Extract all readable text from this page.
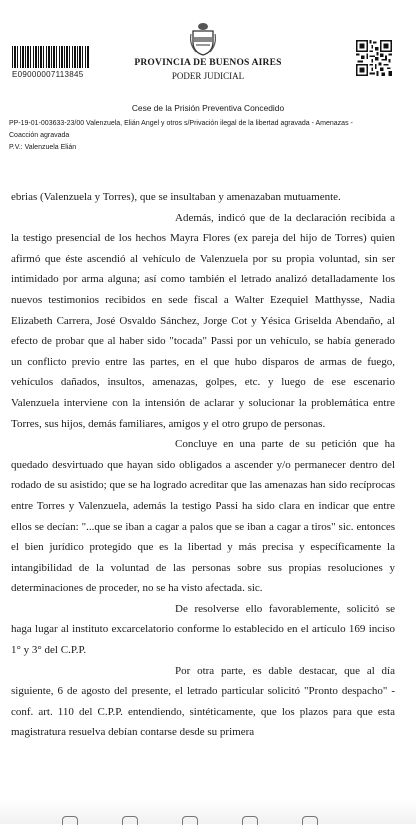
E09000007113845
PROVINCIA DE BUENOS AIRES
PODER JUDICIAL
Cese de la Prisión Preventiva Concedido
PP-19-01-003633-23/00 Valenzuela, Elián Angel y otros s/Privación ilegal de la libertad agravada - Amenazas -
Coacción agravada
P.V.: Valenzuela Elián

ebrias (Valenzuela y Torres), que se insultaban y amenazaban mutuamente.

Además, indicó que de la declaración recibida a la testigo presencial de los hechos Mayra Flores (ex pareja del hijo de Torres) quien afirmó que éste ascendió al vehículo de Valenzuela por su propia voluntad, sin ser intimidado por arma alguna; así como también el letrado analizó detalladamente los nuevos testimonios recibidos en sede fiscal a Walter Ezequiel Matthysse, Nadia Elizabeth Carrera, José Osvaldo Sánchez, Jorge Cot y Yésica Griselda Abendaño, al efecto de probar que al haber sido "tocada" Passi por un vehículo, se había generado un conflicto previo entre las partes, en el que hubo disparos de armas de fuego, vehículos dañados, insultos, amenazas, golpes, etc. y luego de ese escenario Valenzuela interviene con la intensión de aclarar y solucionar la problemática entre Torres, sus hijos, demás familiares, amigos y el otro grupo de personas.

Concluye en una parte de su petición que ha quedado desvirtuado que hayan sido obligados a ascender y/o permanecer dentro del rodado de su asistido; que se ha logrado acreditar que las amenazas han sido recíprocas entre Torres y Valenzuela, además la testigo Passi ha sido clara en indicar que entre ellos se decían: "...que se iban a cagar a palos que se iban a cagar a tiros" sic. entonces el bien jurídico protegido que es la libertad y más precisa y específicamente la intangibilidad de la voluntad de las personas sobre sus propias resoluciones y determinaciones de proceder, no se ha visto afectada. sic.

De resolverse ello favorablemente, solicitó se haga lugar al instituto excarcelatorio conforme lo establecido en el artículo 169 inciso 1° y 3° del C.P.P.

Por otra parte, es dable destacar, que al día siguiente, 6 de agosto del presente, el letrado particular solicitó "Pronto despacho" -conf. art. 110 del C.P.P. entendiendo, sintéticamente, que los plazos para que esta magistratura resuelva debían contarse desde su primera
